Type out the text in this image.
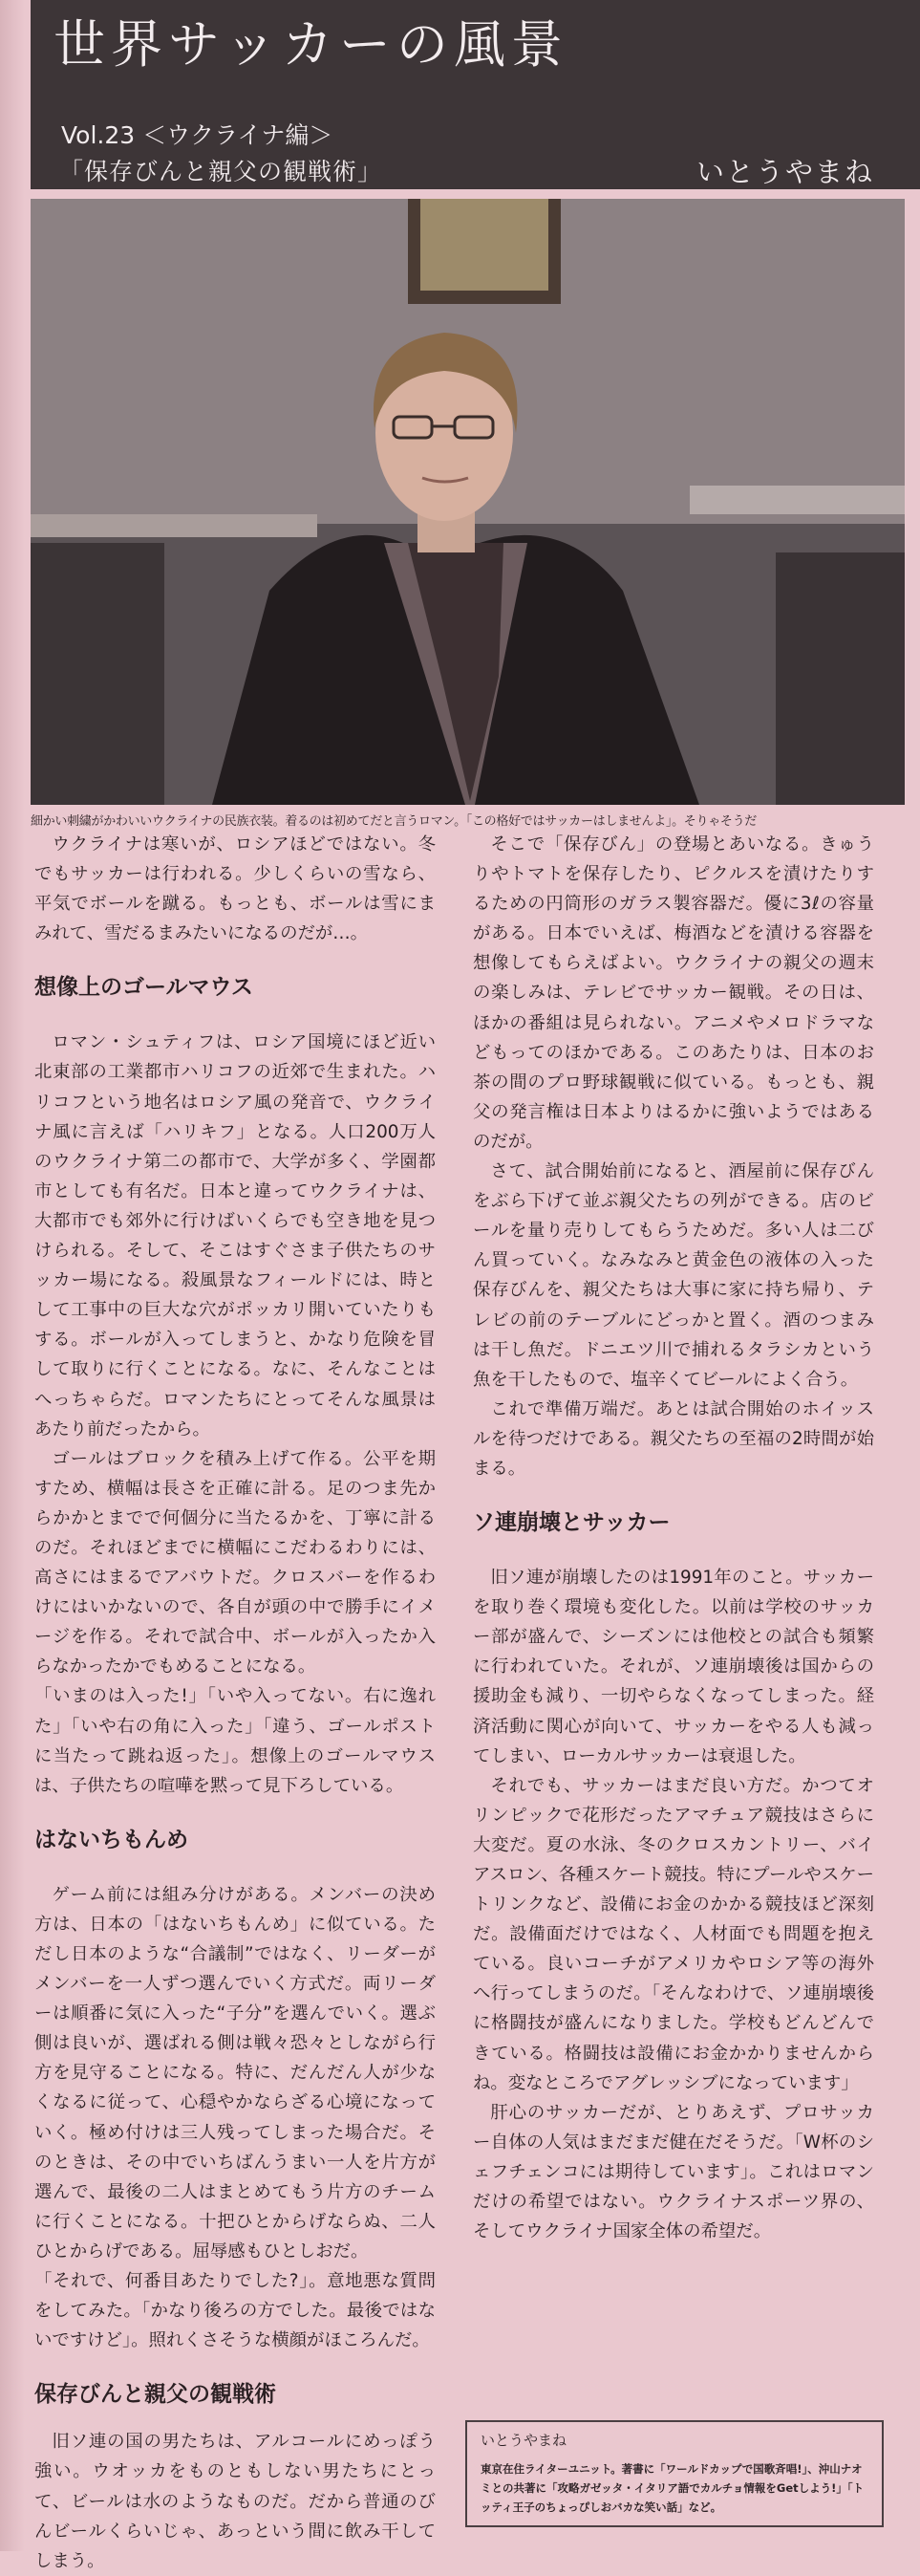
世界サッカーの風景
Vol.23 ＜ウクライナ編＞
「保存びんと親父の観戦術」	いとうやまね
細かい刺繍がかわいいウクライナの民族衣装。着るのは初めてだと言うロマン。「この格好ではサッカーはしませんよ」。そりゃそうだ

ウクライナは寒いが、ロシアほどではない。冬でもサッカーは行われる。少しくらいの雪なら、平気でボールを蹴る。もっとも、ボールは雪にまみれて、雪だるまみたいになるのだが…。

想像上のゴールマウス

ロマン・シュティフは、ロシア国境にほど近い北東部の工業都市ハリコフの近郊で生まれた。ハリコフという地名はロシア風の発音で、ウクライナ風に言えば「ハリキフ」となる。人口200万人のウクライナ第二の都市で、大学が多く、学園都市としても有名だ。日本と違ってウクライナは、大都市でも郊外に行けばいくらでも空き地を見つけられる。そして、そこはすぐさま子供たちのサッカー場になる。殺風景なフィールドには、時として工事中の巨大な穴がポッカリ開いていたりもする。ボールが入ってしまうと、かなり危険を冒して取りに行くことになる。なに、そんなことはへっちゃらだ。ロマンたちにとってそんな風景はあたり前だったから。

ゴールはブロックを積み上げて作る。公平を期すため、横幅は長さを正確に計る。足のつま先からかかとまでで何個分に当たるかを、丁寧に計るのだ。それほどまでに横幅にこだわるわりには、高さにはまるでアバウトだ。クロスバーを作るわけにはいかないので、各自が頭の中で勝手にイメージを作る。それで試合中、ボールが入ったか入らなかったかでもめることになる。

「いまのは入った!」「いや入ってない。右に逸れた」「いや右の角に入った」「違う、ゴールポストに当たって跳ね返った」。想像上のゴールマウスは、子供たちの喧嘩を黙って見下ろしている。

はないちもんめ

ゲーム前には組み分けがある。メンバーの決め方は、日本の「はないちもんめ」に似ている。ただし日本のような“合議制”ではなく、リーダーがメンバーを一人ずつ選んでいく方式だ。両リーダーは順番に気に入った“子分”を選んでいく。選ぶ側は良いが、選ばれる側は戦々恐々としながら行方を見守ることになる。特に、だんだん人が少なくなるに従って、心穏やかならざる心境になっていく。極め付けは三人残ってしまった場合だ。そのときは、その中でいちばんうまい一人を片方が選んで、最後の二人はまとめてもう片方のチームに行くことになる。十把ひとからげならぬ、二人ひとからげである。屈辱感もひとしおだ。

「それで、何番目あたりでした?」。意地悪な質問をしてみた。「かなり後ろの方でした。最後ではないですけど」。照れくさそうな横顔がほころんだ。

保存びんと親父の観戦術

旧ソ連の国の男たちは、アルコールにめっぽう強い。ウオッカをものともしない男たちにとって、ビールは水のようなものだ。だから普通のびんビールくらいじゃ、あっという間に飲み干してしまう。

そこで「保存びん」の登場とあいなる。きゅうりやトマトを保存したり、ピクルスを漬けたりするための円筒形のガラス製容器だ。優に3ℓの容量がある。日本でいえば、梅酒などを漬ける容器を想像してもらえばよい。ウクライナの親父の週末の楽しみは、テレビでサッカー観戦。その日は、ほかの番組は見られない。アニメやメロドラマなどもってのほかである。このあたりは、日本のお茶の間のプロ野球観戦に似ている。もっとも、親父の発言権は日本よりはるかに強いようではあるのだが。

さて、試合開始前になると、酒屋前に保存びんをぶら下げて並ぶ親父たちの列ができる。店のビールを量り売りしてもらうためだ。多い人は二びん買っていく。なみなみと黄金色の液体の入った保存びんを、親父たちは大事に家に持ち帰り、テレビの前のテーブルにどっかと置く。酒のつまみは干し魚だ。ドニエツ川で捕れるタラシカという魚を干したもので、塩辛くてビールによく合う。

これで準備万端だ。あとは試合開始のホイッスルを待つだけである。親父たちの至福の2時間が始まる。

ソ連崩壊とサッカー

旧ソ連が崩壊したのは1991年のこと。サッカーを取り巻く環境も変化した。以前は学校のサッカー部が盛んで、シーズンには他校との試合も頻繁に行われていた。それが、ソ連崩壊後は国からの援助金も減り、一切やらなくなってしまった。経済活動に関心が向いて、サッカーをやる人も減ってしまい、ローカルサッカーは衰退した。

それでも、サッカーはまだ良い方だ。かつてオリンピックで花形だったアマチュア競技はさらに大変だ。夏の水泳、冬のクロスカントリー、バイアスロン、各種スケート競技。特にプールやスケートリンクなど、設備にお金のかかる競技ほど深刻だ。設備面だけではなく、人材面でも問題を抱えている。良いコーチがアメリカやロシア等の海外へ行ってしまうのだ。「そんなわけで、ソ連崩壊後に格闘技が盛んになりました。学校もどんどんできている。格闘技は設備にお金かかりませんからね。変なところでアグレッシブになっています」

肝心のサッカーだが、とりあえず、プロサッカー自体の人気はまだまだ健在だそうだ。「W杯のシェフチェンコには期待しています」。これはロマンだけの希望ではない。ウクライナスポーツ界の、そしてウクライナ国家全体の希望だ。

いとうやまね
東京在住ライターユニット。著書に「ワールドカップで国歌斉唱!」、沖山ナオミとの共著に「攻略ガゼッタ・イタリア語でカルチョ情報をGetしよう!」「トッティ王子のちょっぴしおバカな笑い話」など。
